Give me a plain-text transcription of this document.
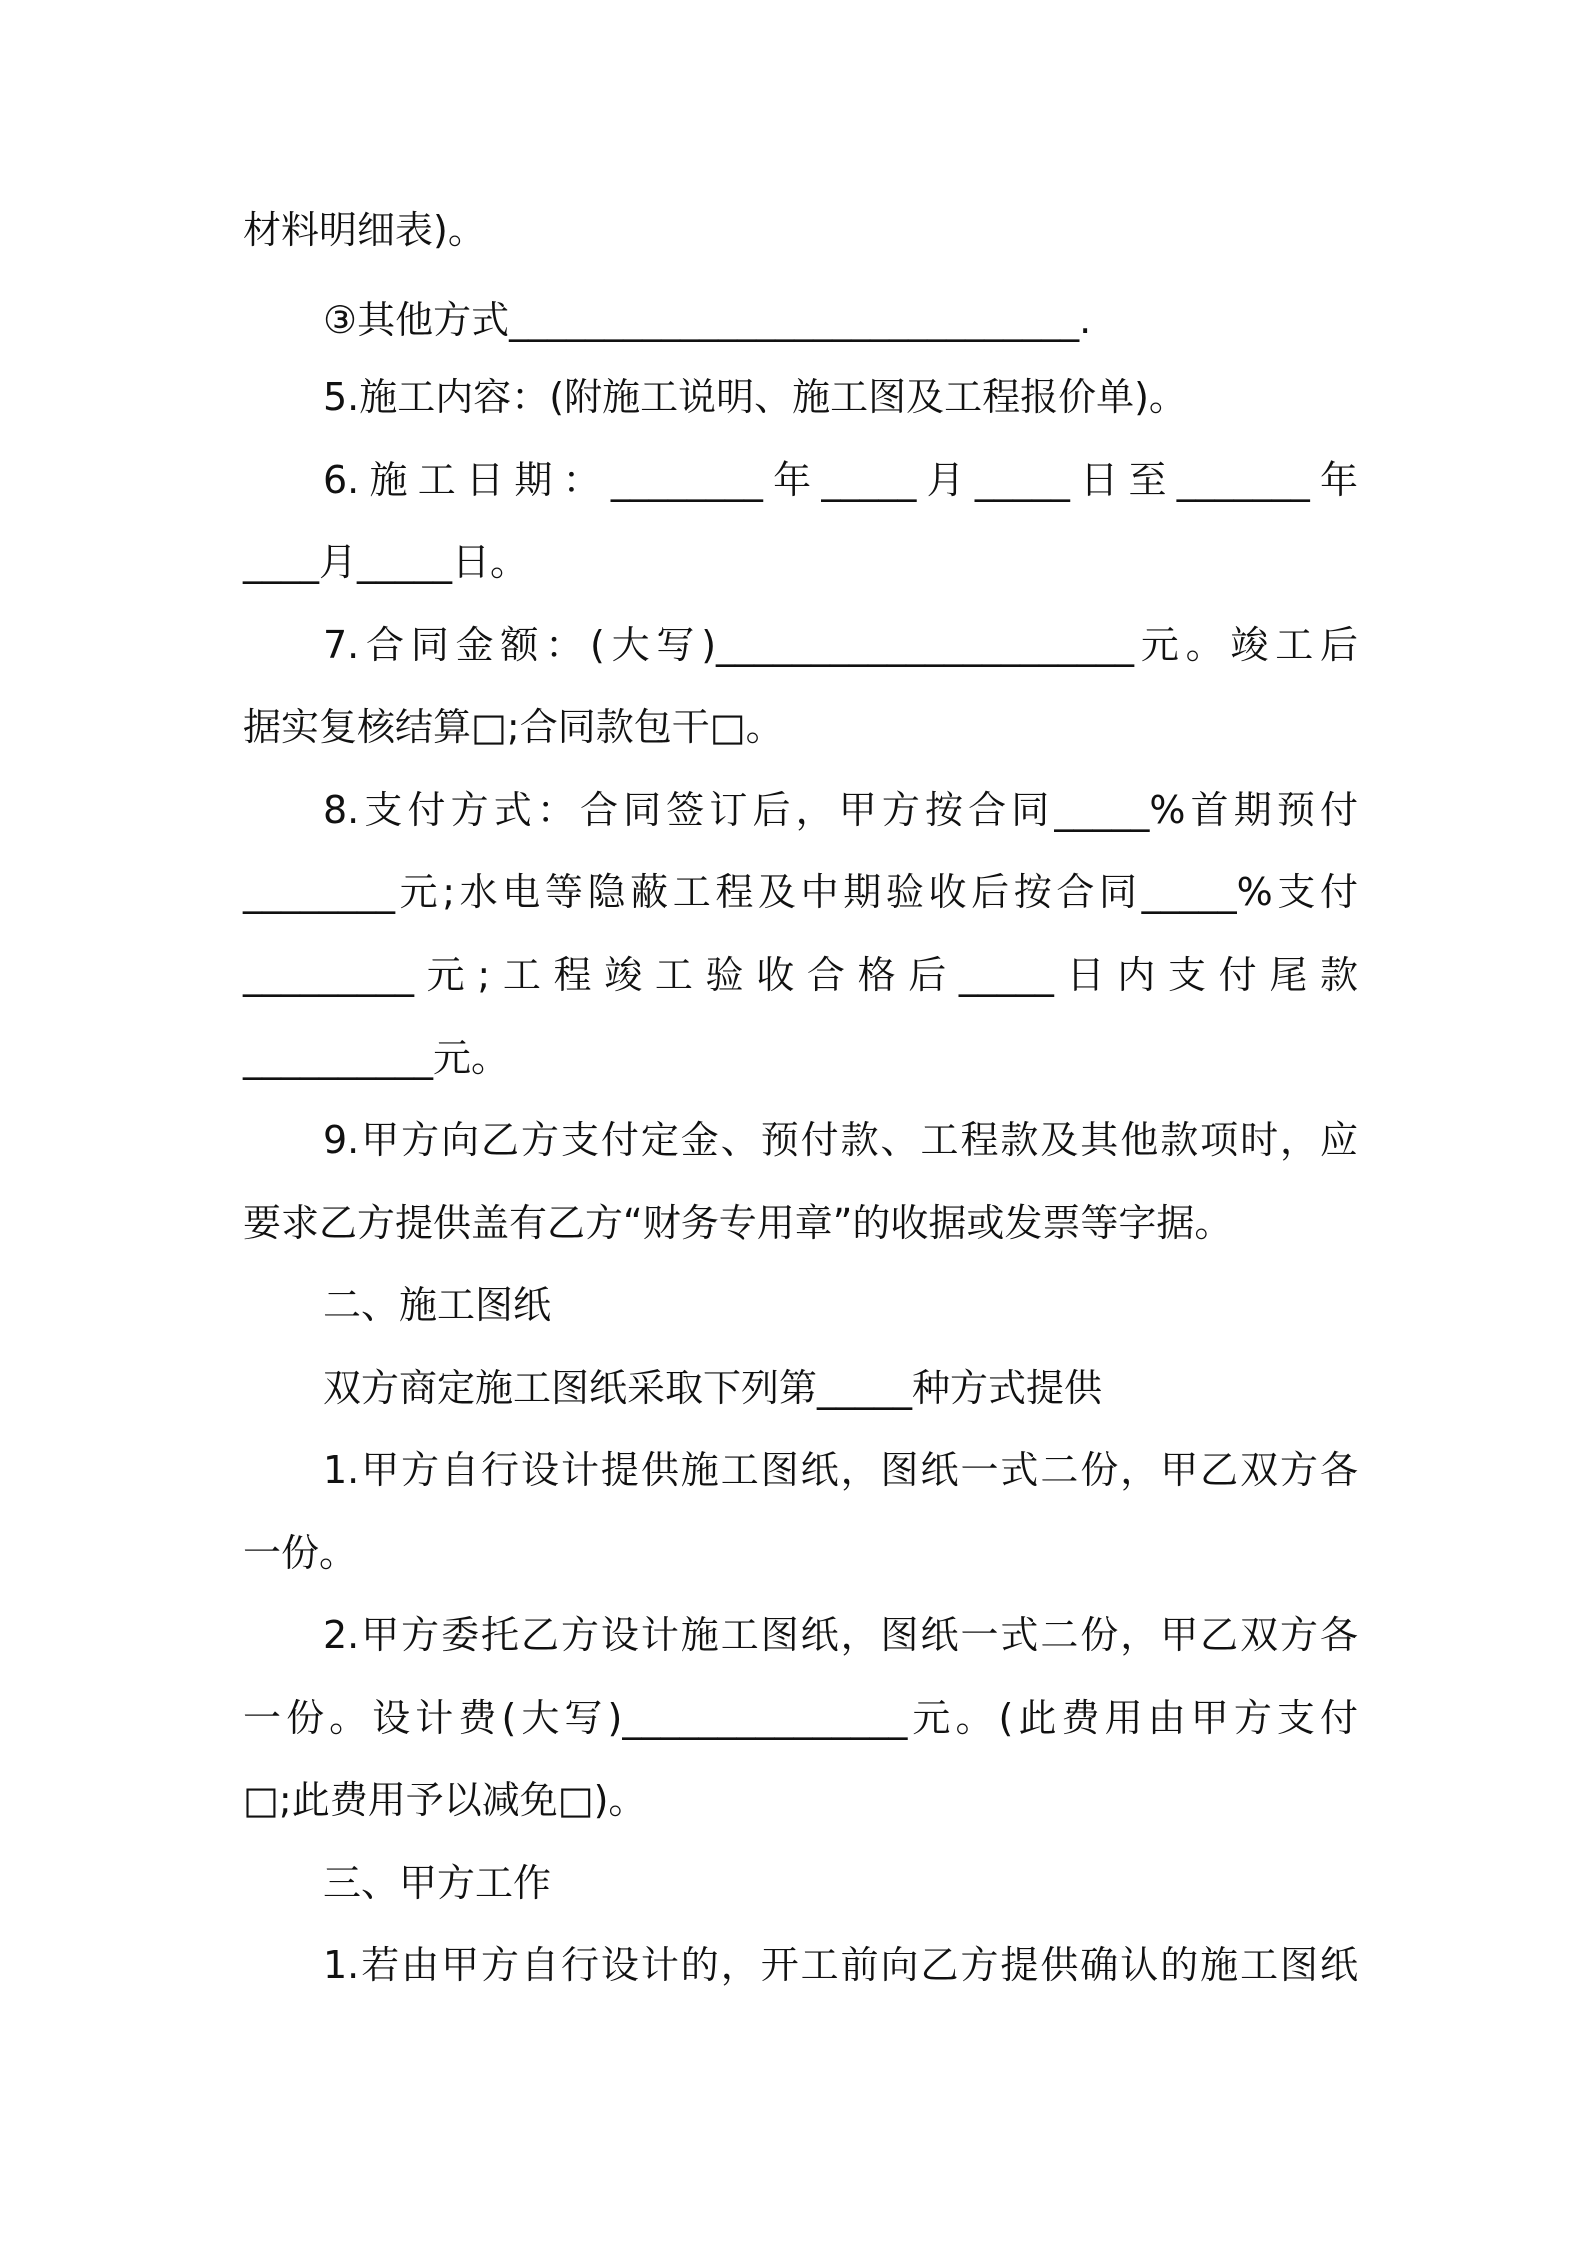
材料明细表)。
③其他方式______________________________.
5.施工内容：(附施工说明、施工图及工程报价单)。
6.施工日期：________年_____月_____日至_______年
____月_____日。
7.合同金额：(大写)______________________元。竣工后
据实复核结算□;合同款包干□。
8.支付方式：合同签订后，甲方按合同_____%首期预付
________元;水电等隐蔽工程及中期验收后按合同_____%支付
_________元;工程竣工验收合格后_____日内支付尾款
__________元。
9.甲方向乙方支付定金、预付款、工程款及其他款项时，应
要求乙方提供盖有乙方“财务专用章”的收据或发票等字据。
二、施工图纸
双方商定施工图纸采取下列第_____种方式提供
1.甲方自行设计提供施工图纸，图纸一式二份，甲乙双方各
一份。
2.甲方委托乙方设计施工图纸，图纸一式二份，甲乙双方各
一份。设计费(大写)_______________元。(此费用由甲方支付
□;此费用予以减免□)。
三、甲方工作
1.若由甲方自行设计的，开工前向乙方提供确认的施工图纸
